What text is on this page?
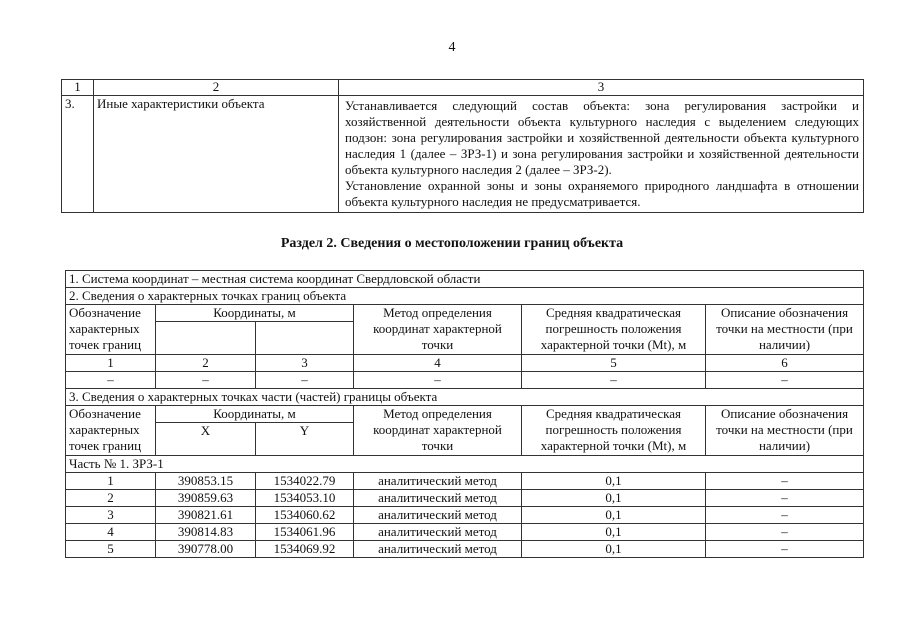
4
1	2	3
3.	Иные характеристики объекта	Устанавливается следующий состав объекта: зона регулирования застройки и хозяйственной деятельности объекта культурного наследия с выделением следующих подзон: зона регулирования застройки и хозяйственной деятельности объекта культурного наследия 1 (далее – ЗРЗ-1) и зона регулирования застройки и хозяйственной деятельности объекта культурного наследия 2 (далее – ЗРЗ-2).
Установление охранной зоны и зоны охраняемого природного ландшафта в отношении объекта культурного наследия не предусматривается.
Раздел 2. Сведения о местоположении границ объекта
1. Система координат – местная система координат Свердловской области					
2. Сведения о характерных точках границ объекта					
Обозначение характерных точек границ	Координаты, м		Метод определения координат характерной точки	Средняя квадратическая погрешность положения характерной точки (Mt), м	Описание обозначения точки на местности (при наличии)

1	2	3	4	5	6
–	–	–	–	–	–
3. Сведения о характерных точках части (частей) границы объекта					
Обозначение характерных точек границ	Координаты, м		Метод определения координат характерной точки	Средняя квадратическая погрешность положения характерной точки (Mt), м	Описание обозначения точки на местности (при наличии)
	X	Y			
Часть № 1. ЗРЗ-1					
1	390853.15	1534022.79	аналитический метод	0,1	–
2	390859.63	1534053.10	аналитический метод	0,1	–
3	390821.61	1534060.62	аналитический метод	0,1	–
4	390814.83	1534061.96	аналитический метод	0,1	–
5	390778.00	1534069.92	аналитический метод	0,1	–
